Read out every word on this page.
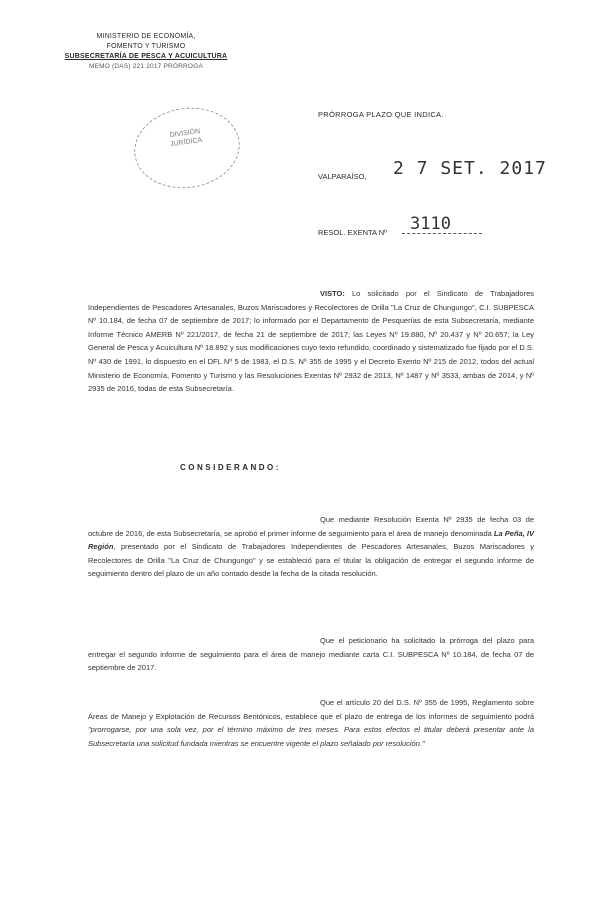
MINISTERIO DE ECONOMÍA,
FOMENTO Y TURISMO
SUBSECRETARÍA DE PESCA Y ACUICULTURA
MEMO (DAS) 221 2017 PRÓRROGA
DIVISIÓN
JURÍDICA
PRÓRROGA PLAZO QUE INDICA.
VALPARAÍSO, 2 7 SET. 2017
RESOL. EXENTA Nº 3110
VISTO: Lo solicitado por el Sindicato de Trabajadores Independientes de Pescadores Artesanales, Buzos Mariscadores y Recolectores de Orilla "La Cruz de Chungungo", C.I. SUBPESCA Nº 10.184, de fecha 07 de septiembre de 2017; lo informado por el Departamento de Pesquerías de esta Subsecretaría, mediante Informe Técnico AMERB Nº 221/2017, de fecha 21 de septiembre de 2017; las Leyes Nº 19.880, Nº 20.437 y Nº 20.657; la Ley General de Pesca y Acuicultura Nº 18.892 y sus modificaciones cuyo texto refundido, coordinado y sistematizado fue fijado por el D.S. Nº 430 de 1991, lo dispuesto en el DFL Nº 5 de 1983, el D.S. Nº 355 de 1995 y el Decreto Exento Nº 215 de 2012, todos del actual Ministerio de Economía, Fomento y Turismo y las Resoluciones Exentas Nº 2932 de 2013, Nº 1487 y Nº 3533, ambas de 2014, y Nº 2935 de 2016, todas de esta Subsecretaría.
CONSIDERANDO:
Que mediante Resolución Exenta Nº 2935 de fecha 03 de octubre de 2016, de esta Subsecretaría, se aprobó el primer informe de seguimiento para el área de manejo denominada La Peña, IV Región, presentado por el Sindicato de Trabajadores Independientes de Pescadores Artesanales, Buzos Mariscadores y Recolectores de Orilla "La Cruz de Chungungo" y se estableció para el titular la obligación de entregar el segundo informe de seguimiento dentro del plazo de un año contado desde la fecha de la citada resolución.
Que el peticionario ha solicitado la prórroga del plazo para entregar el segundo informe de seguimiento para el área de manejo mediante carta C.I. SUBPESCA Nº 10.184, de fecha 07 de septiembre de 2017.
Que el artículo 20 del D.S. Nº 355 de 1995, Reglamento sobre Áreas de Manejo y Explotación de Recursos Bentónicos, establece que el plazo de entrega de los informes de seguimiento podrá "prorrogarse, por una sola vez, por el término máximo de tres meses. Para estos efectos el titular deberá presentar ante la Subsecretaría una solicitud fundada mientras se encuentre vigente el plazo señalado por resolución."
